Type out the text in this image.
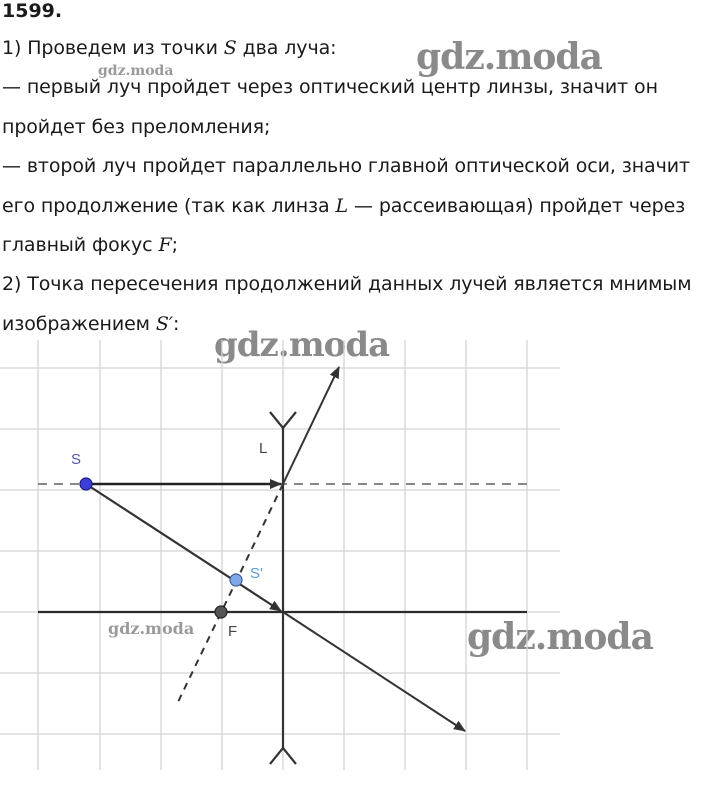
1599.
1) Проведем из точки S два луча:
— первый луч пройдет через оптический центр линзы, значит он
пройдет без преломления;
— второй луч пройдет параллельно главной оптической оси, значит
его продолжение (так как линза L — рассеивающая) пройдет через
главный фокус F;
2) Точка пересечения продолжений данных лучей является мнимым
изображением S′:
gdz.moda
gdz.moda
gdz.moda
gdz.moda
gdz.moda
S
S'
F
L
